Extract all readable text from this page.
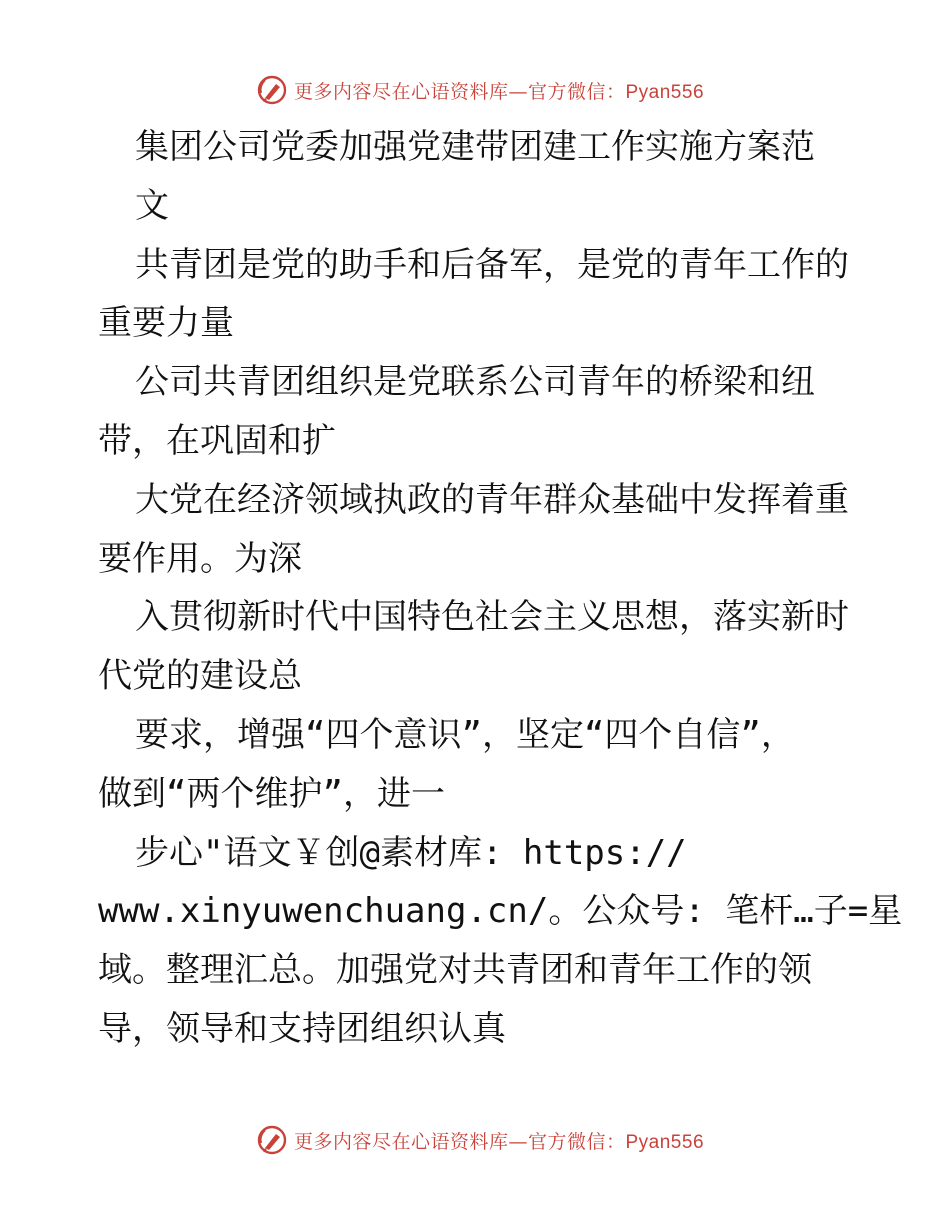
更多内容尽在心语资料库—官方微信：Pyan556
集团公司党委加强党建带团建工作实施方案范
文
共青团是党的助手和后备军，是党的青年工作的
重要力量
公司共青团组织是党联系公司青年的桥梁和纽
带，在巩固和扩
大党在经济领域执政的青年群众基础中发挥着重
要作用。为深
入贯彻新时代中国特色社会主义思想，落实新时
代党的建设总
要求，增强“四个意识”，坚定“四个自信”，
做到“两个维护”，进一
步心"语文￥创@素材库: https://
www.xinyuwenchuang.cn/。公众号: 笔杆…子=星
域。整理汇总。加强党对共青团和青年工作的领
导，领导和支持团组织认真
更多内容尽在心语资料库—官方微信：Pyan556
